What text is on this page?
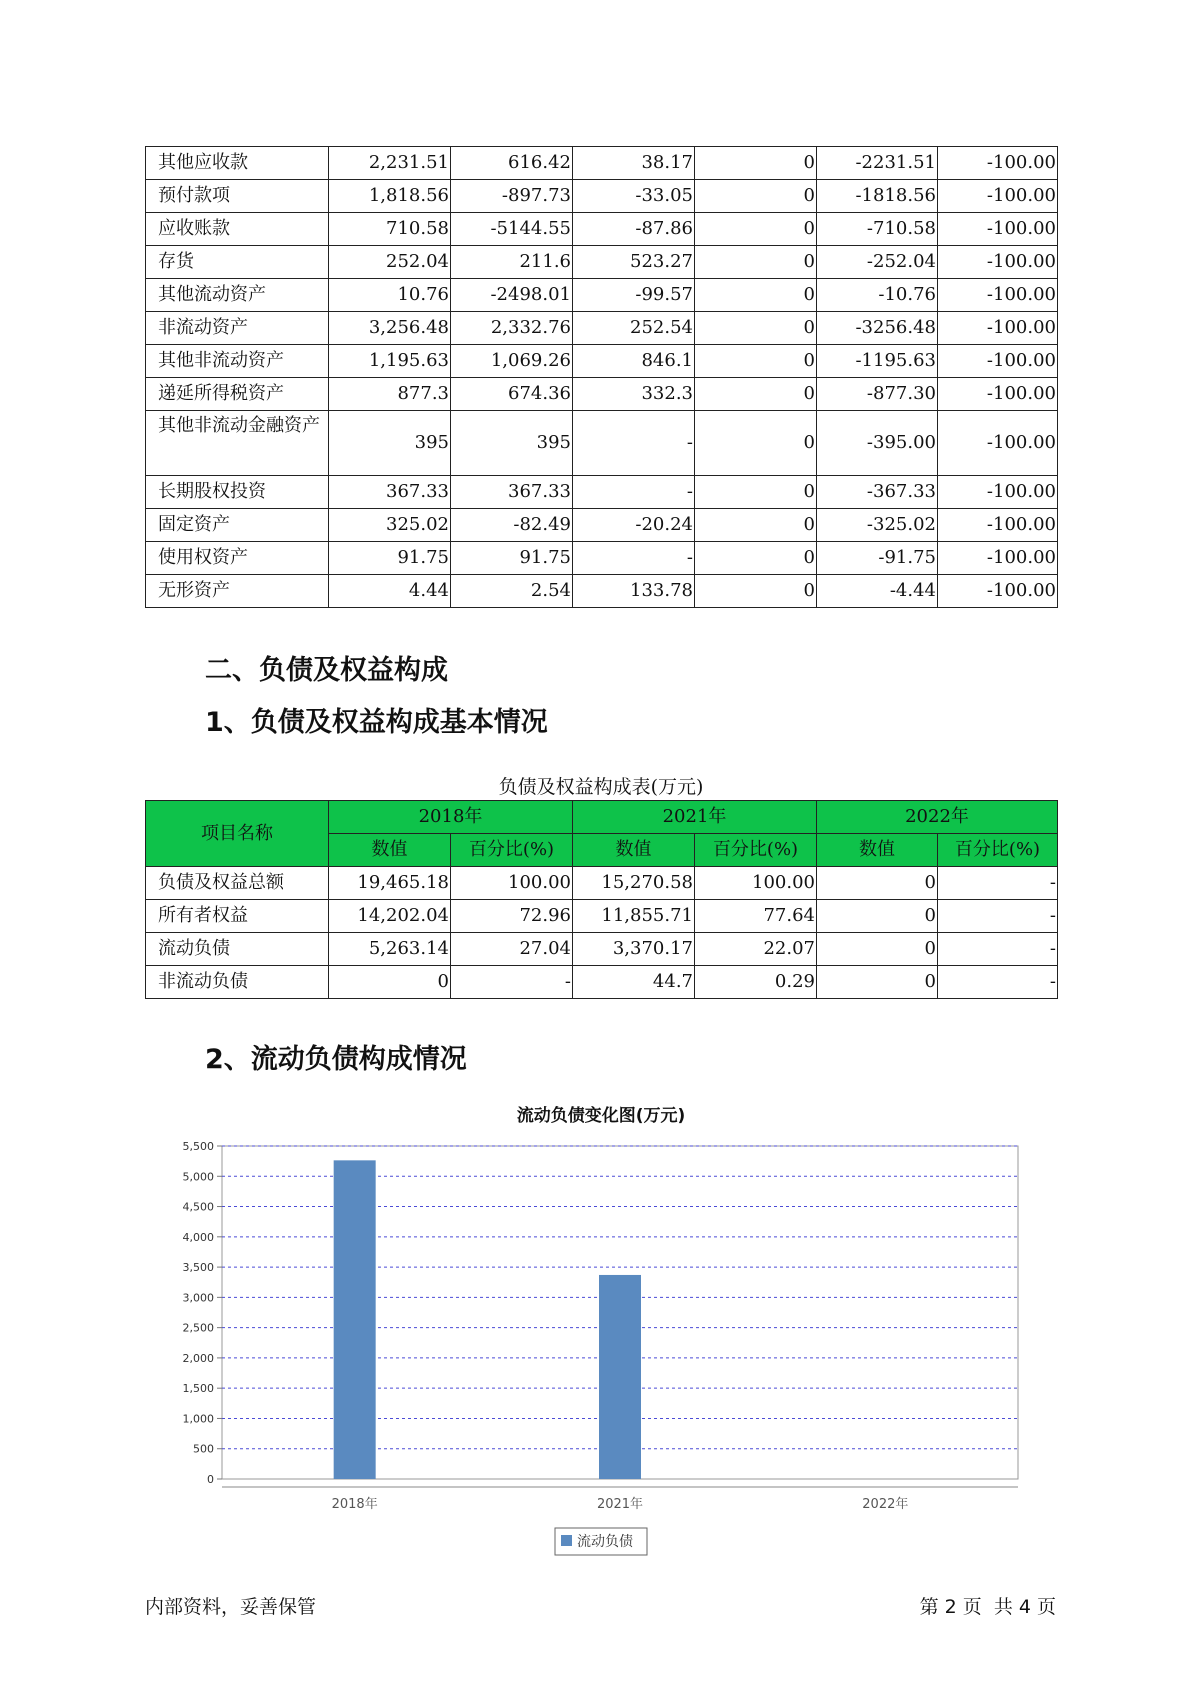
其他应收款	2,231.51	616.42	38.17	0	-2231.51	-100.00
预付款项	1,818.56	-897.73	-33.05	0	-1818.56	-100.00
应收账款	710.58	-5144.55	-87.86	0	-710.58	-100.00
存货	252.04	211.6	523.27	0	-252.04	-100.00
其他流动资产	10.76	-2498.01	-99.57	0	-10.76	-100.00
非流动资产	3,256.48	2,332.76	252.54	0	-3256.48	-100.00
其他非流动资产	1,195.63	1,069.26	846.1	0	-1195.63	-100.00
递延所得税资产	877.3	674.36	332.3	0	-877.30	-100.00
其他非流动金融资产	395	395	-	0	-395.00	-100.00
长期股权投资	367.33	367.33	-	0	-367.33	-100.00
固定资产	325.02	-82.49	-20.24	0	-325.02	-100.00
使用权资产	91.75	91.75	-	0	-91.75	-100.00
无形资产	4.44	2.54	133.78	0	-4.44	-100.00
二、负债及权益构成
1、负债及权益构成基本情况
负债及权益构成表(万元)
项目名称	2018年		2021年		2022年	
	数值	百分比(%)	数值	百分比(%)	数值	百分比(%)
负债及权益总额	19,465.18	100.00	15,270.58	100.00	0	-
所有者权益	14,202.04	72.96	11,855.71	77.64	0	-
流动负债	5,263.14	27.04	3,370.17	22.07	0	-
非流动负债	0	-	44.7	0.29	0	-
2、流动负债构成情况
流动负债变化图(万元)
0
500
1,000
1,500
2,000
2,500
3,000
3,500
4,000
4,500
5,000
5,500
2018年	2021年	2022年
流动负债
内部资料，妥善保管	第 2 页  共 4 页
